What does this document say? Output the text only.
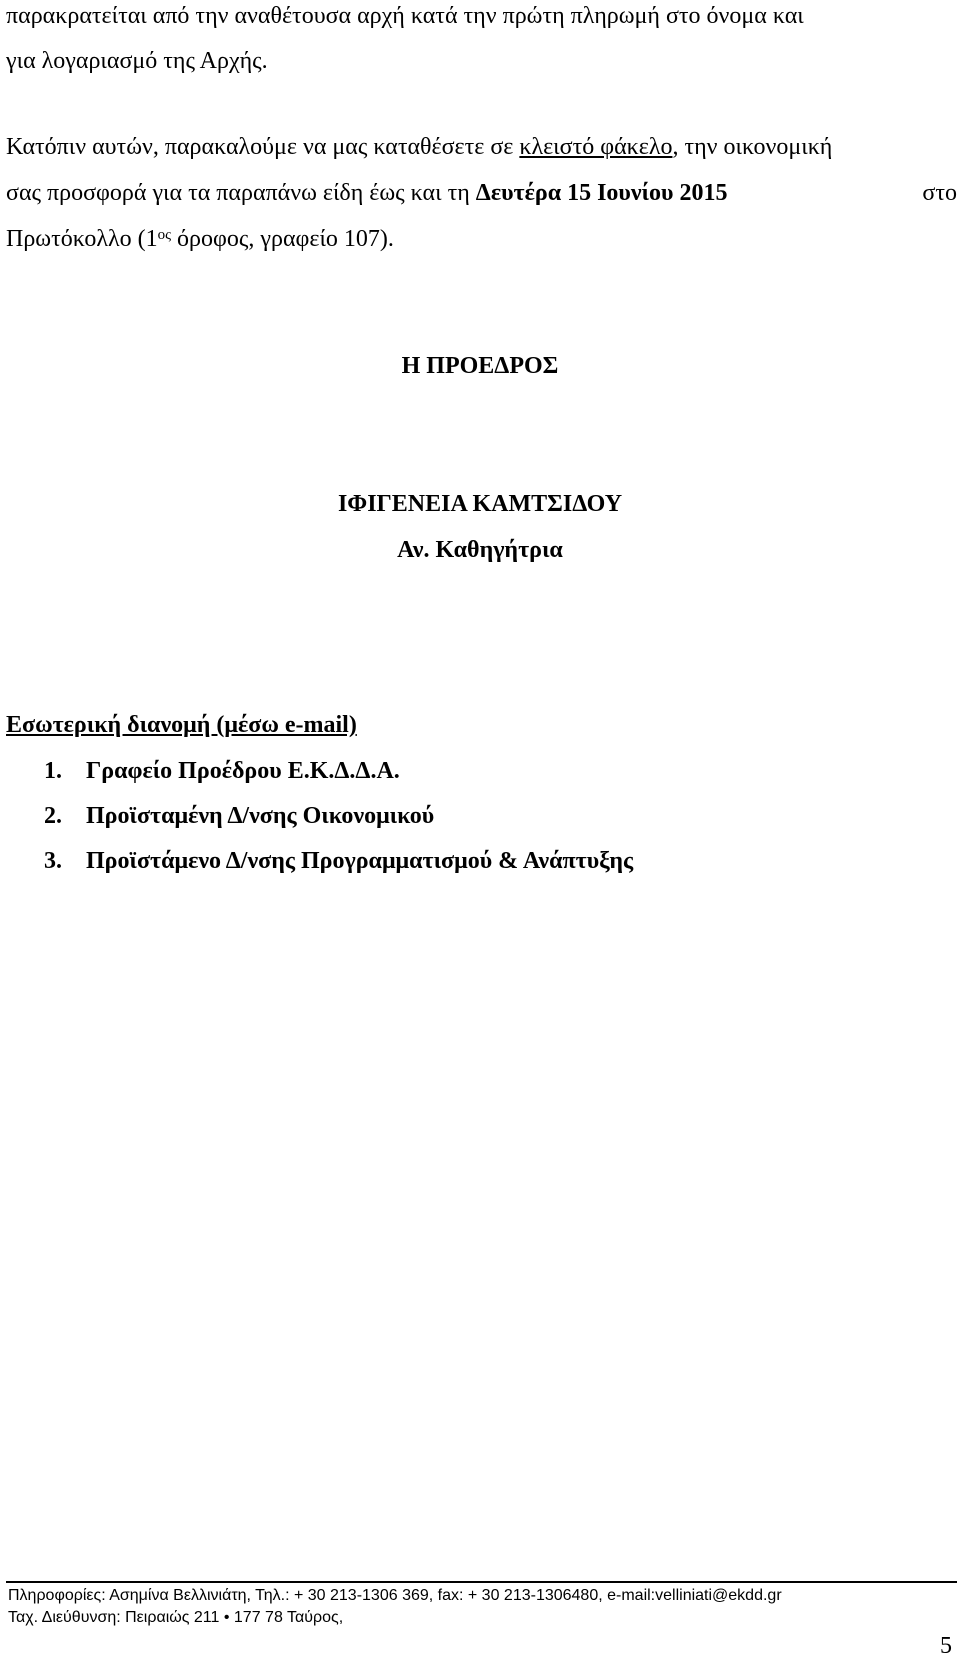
παρακρατείται από την αναθέτουσα αρχή κατά την πρώτη πληρωμή στο όνομα και
για λογαριασμό της Αρχής.
Κατόπιν αυτών, παρακαλούμε να μας καταθέσετε σε κλειστό φάκελο, την οικονομική
σας προσφορά για τα παραπάνω είδη έως και τη Δευτέρα 15 Ιουνίου 2015	στο
Πρωτόκολλο ($1^{o\varsigma}$ όροφος, γραφείο 107).
Η ΠΡΟΕΔΡΟΣ
ΙΦΙΓΕΝΕΙΑ ΚΑΜΤΣΙΔΟΥ
Αν. Καθηγήτρια
Εσωτερική διανομή (μέσω e-mail)
1. Γραφείο Προέδρου Ε.Κ.Δ.Δ.Α.
2. Προϊσταμένη Δ/νσης Οικονομικού
3. Προϊστάμενο Δ/νσης Προγραμματισμού & Ανάπτυξης
Πληροφορίες: Ασημίνα Βελλινιάτη, Τηλ.: + 30 213-1306 369, fax: + 30 213-1306480, e-mail:velliniati@ekdd.gr
Ταχ. Διεύθυνση: Πειραιώς 211 • 177 78 Ταύρος,
5
